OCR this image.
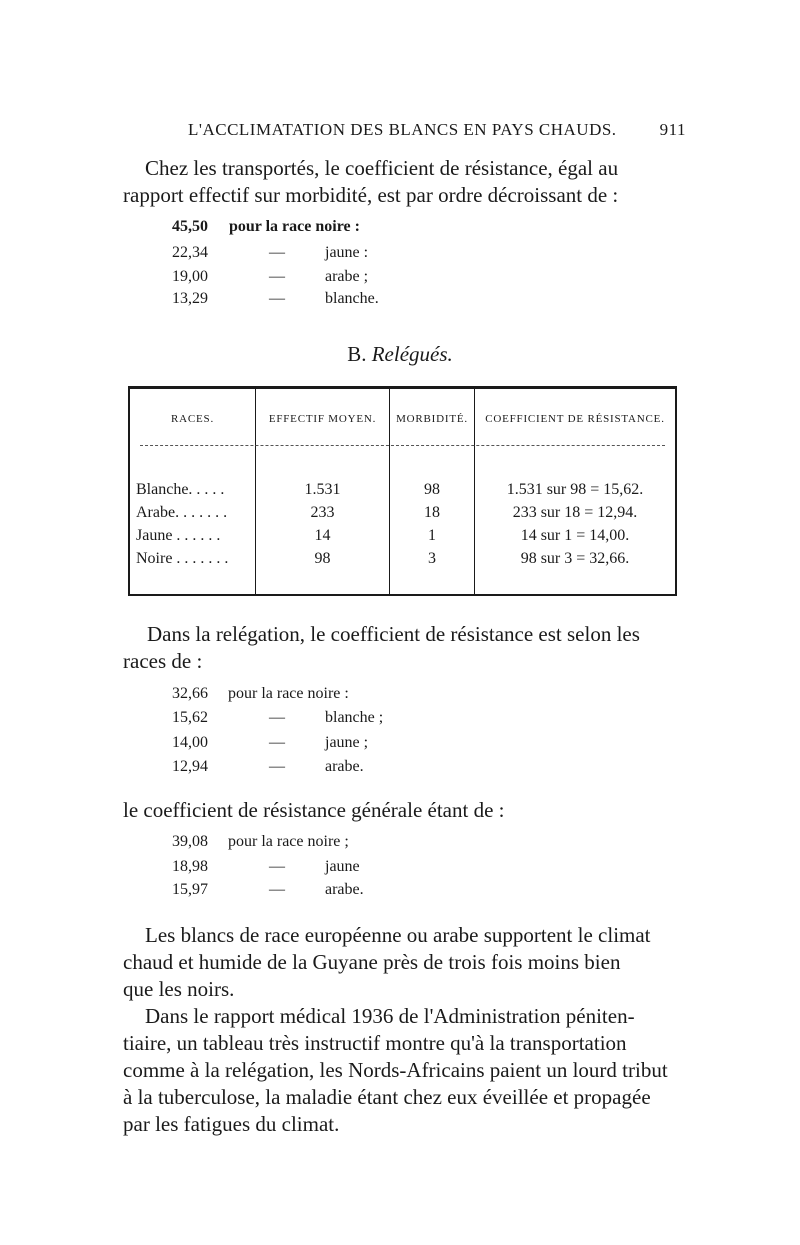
L'ACCLIMATATION DES BLANCS EN PAYS CHAUDS.	911
Chez les transportés, le coefficient de résistance, égal au
rapport effectif sur morbidité, est par ordre décroissant de :
45,50 pour la race noire :
22,34	—	jaune :
19,00	—	arabe ;
13,29	—	blanche.
B. Relégués.
RACES.	EFFECTIF MOYEN.	MORBIDITÉ.	COEFFICIENT DE RÉSISTANCE.
Blanche. . . . .	1.531	98	1.531 sur 98 = 15,62.
Arabe. . . . . . .	233	18	233 sur 18 = 12,94.
Jaune . . . . . .	14	1	14 sur 1 = 14,00.
Noire . . . . . . .	98	3	98 sur 3 = 32,66.
Dans la relégation, le coefficient de résistance est selon les
races de :
32,66 pour la race noire :
15,62	—	blanche ;
14,00	—	jaune ;
12,94	—	arabe.
le coefficient de résistance générale étant de :
39,08 pour la race noire ;
18,98	—	jaune
15,97	—	arabe.
Les blancs de race européenne ou arabe supportent le climat
chaud et humide de la Guyane près de trois fois moins bien
que les noirs.
Dans le rapport médical 1936 de l'Administration péniten-
tiaire, un tableau très instructif montre qu'à la transportation
comme à la relégation, les Nords-Africains paient un lourd tribut
à la tuberculose, la maladie étant chez eux éveillée et propagée
par les fatigues du climat.
